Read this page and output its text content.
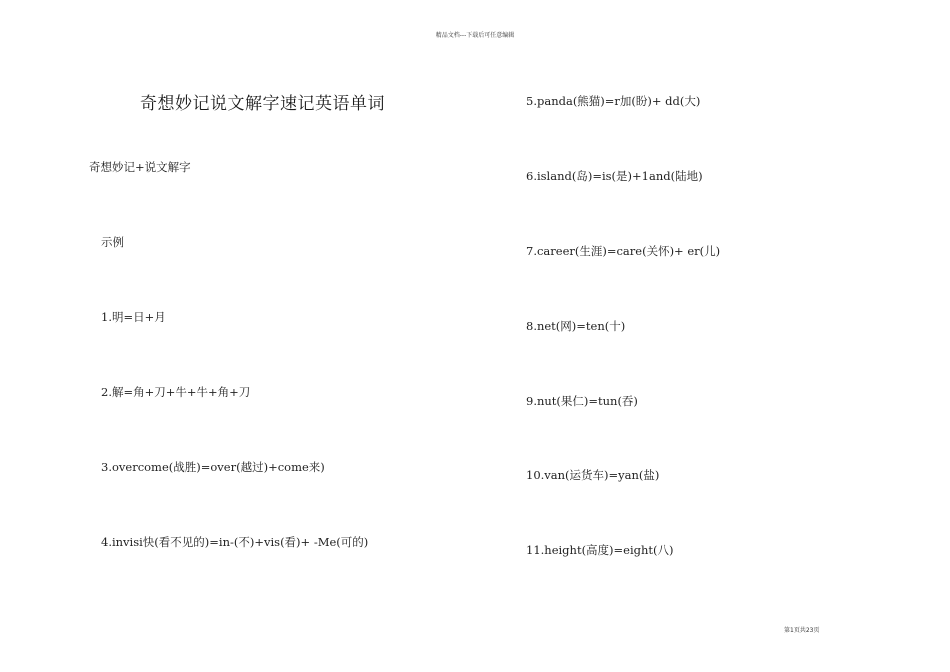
精品文档---下载后可任意编辑
奇想妙记说文解字速记英语单词
奇想妙记+说文解字
示例
1.明=日+月
2.解=角+刀+牛+牛+角+刀
3.overcome(战胜)=over(越过)+come来)
4.invisi快(看不见的)=in-(不)+vis(看)+ -Me(可的)
5.panda(熊猫)=r加(盼)+ dd(大)
6.island(岛)=is(是)+1and(陆地)
7.career(生涯)=care(关怀)+ er(儿)
8.net(网)=ten(十)
9.nut(果仁)=tun(吞)
10.van(运货车)=yan(盐)
11.height(高度)=eight(八)
第1页共23页
